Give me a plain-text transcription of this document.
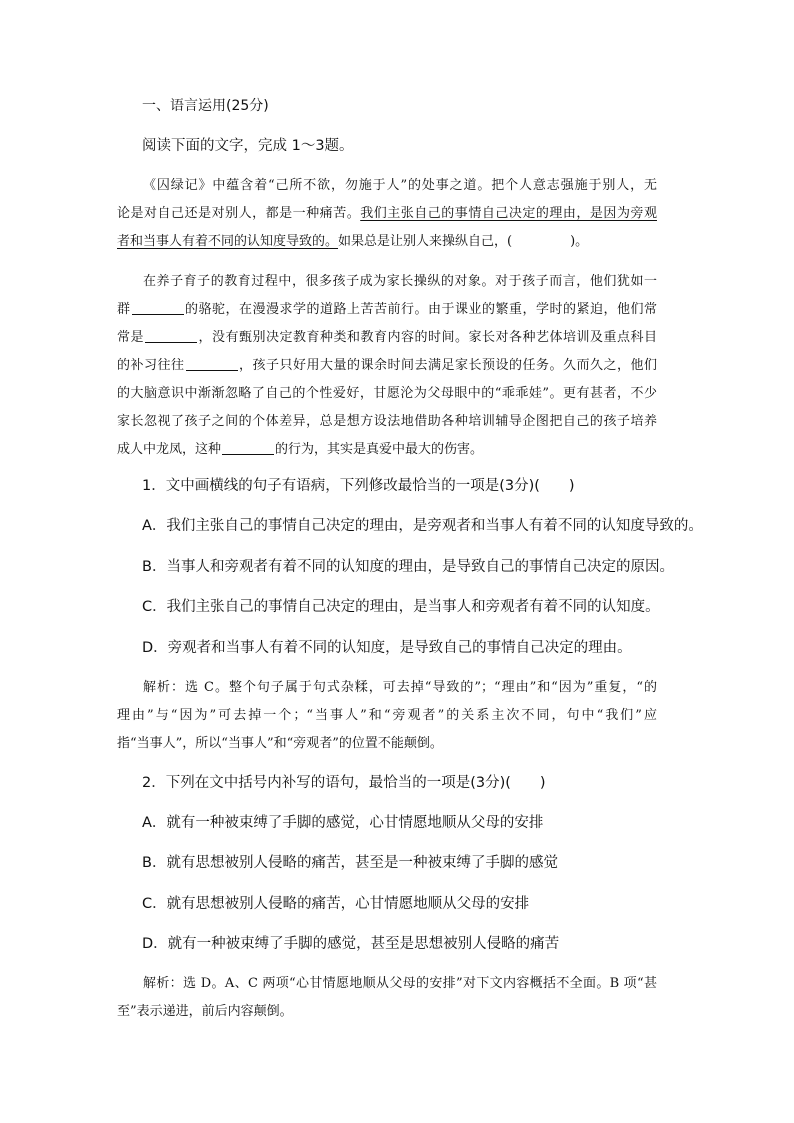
一、语言运用(25分)
阅读下面的文字，完成 1～3题。
《囚绿记》中蕴含着“己所不欲，勿施于人”的处事之道。把个人意志强施于别人，无
论是对自己还是对别人，都是一种痛苦。我们主张自己的事情自己决定的理由，是因为旁观
者和当事人有着不同的认知度导致的。如果总是让别人来操纵自己，(	)。
在养子育子的教育过程中，很多孩子成为家长操纵的对象。对于孩子而言，他们犹如一
群	的骆驼，在漫漫求学的道路上苦苦前行。由于课业的繁重，学时的紧迫，他们常
常是	，没有甄别决定教育种类和教育内容的时间。家长对各种艺体培训及重点科目
的补习往往	，孩子只好用大量的课余时间去满足家长预设的任务。久而久之，他们
的大脑意识中渐渐忽略了自己的个性爱好，甘愿沦为父母眼中的“乖乖娃”。更有甚者，不少
家长忽视了孩子之间的个体差异，总是想方设法地借助各种培训辅导企图把自己的孩子培养
成人中龙凤，这种	的行为，其实是真爱中最大的伤害。
1．文中画横线的句子有语病，下列修改最恰当的一项是(3分)(　　)
A．我们主张自己的事情自己决定的理由，是旁观者和当事人有着不同的认知度导致的。
B．当事人和旁观者有着不同的认知度的理由，是导致自己的事情自己决定的原因。
C．我们主张自己的事情自己决定的理由，是当事人和旁观者有着不同的认知度。
D．旁观者和当事人有着不同的认知度，是导致自己的事情自己决定的理由。
解析：选 C。整个句子属于句式杂糅，可去掉“导致的”；“理由”和“因为”重复，“的
理由”与“因为”可去掉一个；“当事人”和“旁观者”的关系主次不同，句中“我们”应
指“当事人”，所以“当事人”和“旁观者”的位置不能颠倒。
2．下列在文中括号内补写的语句，最恰当的一项是(3分)(　　)
A．就有一种被束缚了手脚的感觉，心甘情愿地顺从父母的安排
B．就有思想被别人侵略的痛苦，甚至是一种被束缚了手脚的感觉
C．就有思想被别人侵略的痛苦，心甘情愿地顺从父母的安排
D．就有一种被束缚了手脚的感觉，甚至是思想被别人侵略的痛苦
解析：选 D。A、C 两项“心甘情愿地顺从父母的安排”对下文内容概括不全面。B 项“甚
至”表示递进，前后内容颠倒。
